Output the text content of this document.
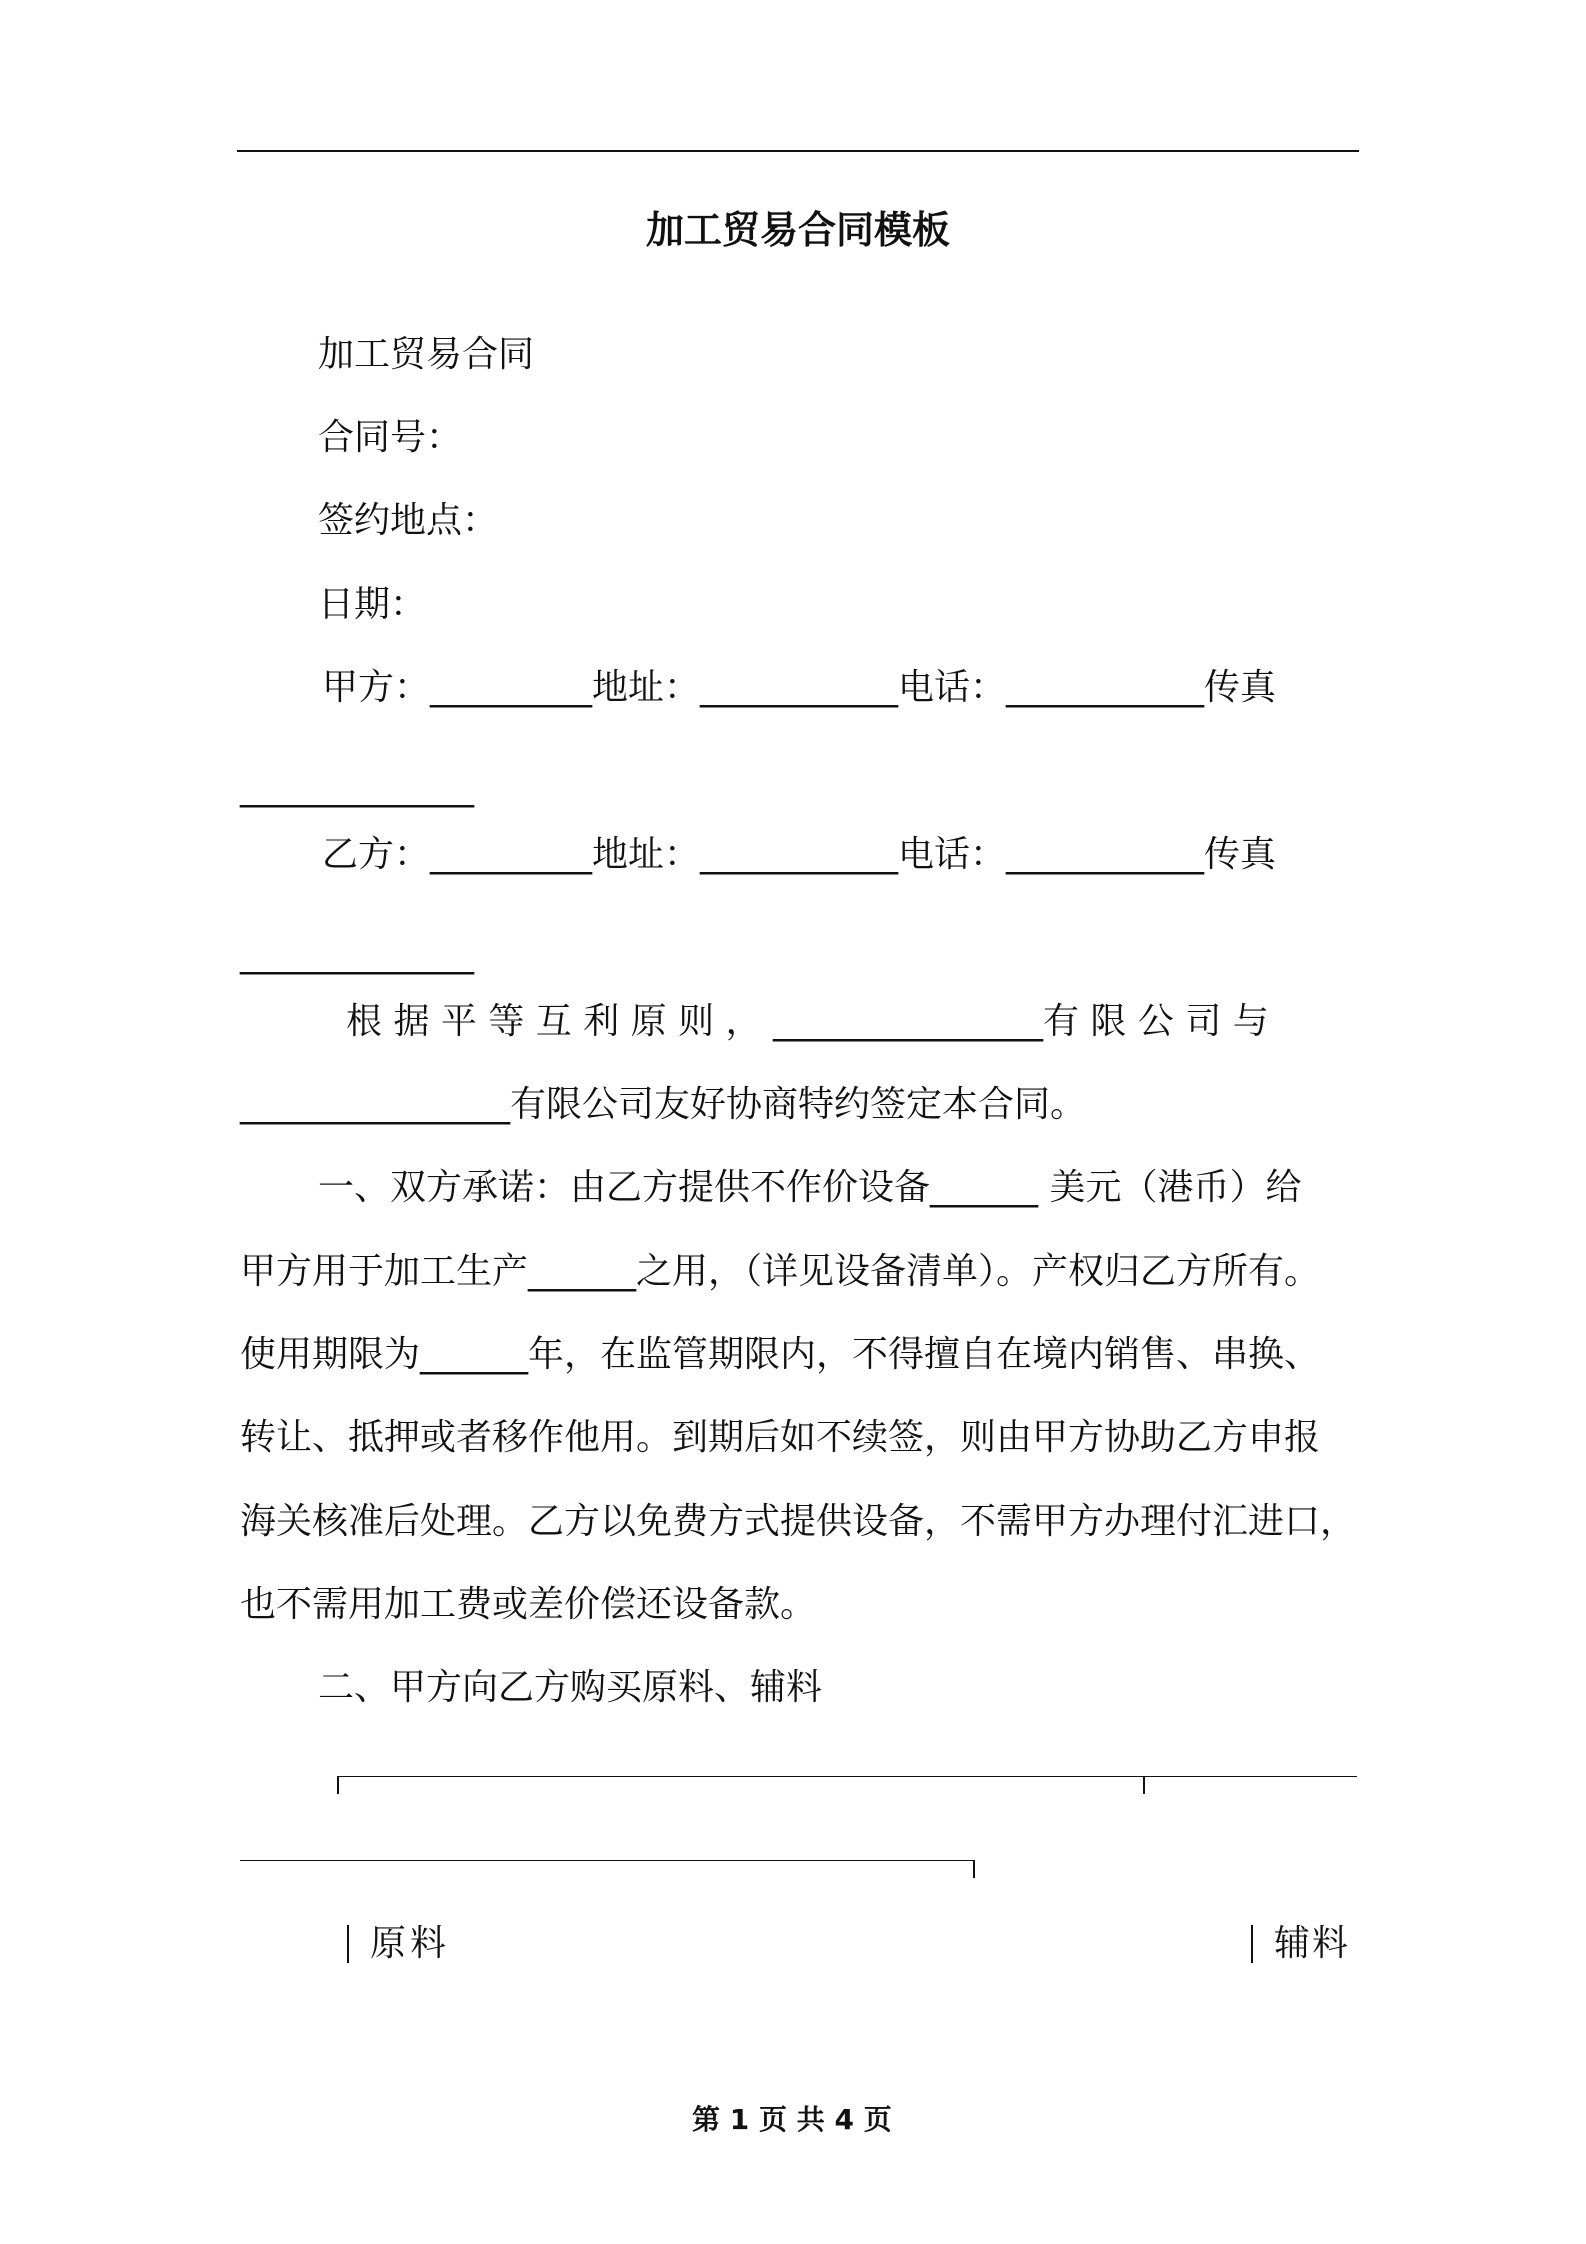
加工贸易合同模板
加工贸易合同
合同号：
签约地点：
日期：
甲方：_________地址：___________电话：___________传真
_____________
乙方：_________地址：___________电话：___________传真
_____________
根 据 平 等 互 利 原 则 ， _______________有 限 公 司 与
_______________有限公司友好协商特约签定本合同。
一、双方承诺：由乙方提供不作价设备______ 美元（港币）给
甲方用于加工生产______之用，（详见设备清单）。产权归乙方所有。
使用期限为______年，在监管期限内，不得擅自在境内销售、串换、
转让、抵押或者移作他用。到期后如不续签，则由甲方协助乙方申报
海关核准后处理。乙方以免费方式提供设备，不需甲方办理付汇进口，
也不需用加工费或差价偿还设备款。
二、甲方向乙方购买原料、辅料
原料	辅料
第 1 页 共 4 页
